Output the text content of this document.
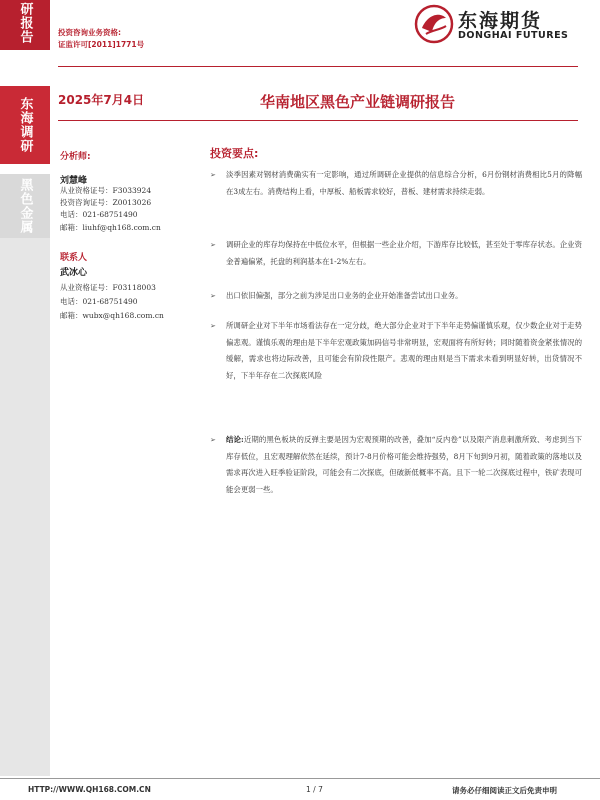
研报告
东海调研
黑色金属
投资咨询业务资格:
证监许可[2011]1771号
东海期货
DONGHAI FUTURES
2025年7月4日	华南地区黑色产业链调研报告
分析师:
刘慧峰
从业资格证号：F3033924
投资咨询证号：Z0013026
电话：021-68751490
邮箱：liuhf@qh168.com.cn
联系人
武冰心
从业资格证号：F03118003
电话：021-68751490
邮箱：wubx@qh168.com.cn
投资要点:
➢ 淡季因素对钢材消费确实有一定影响，通过所调研企业提供的信息综合分析，6月份钢材消费相比5月的降幅在3成左右。消费结构上看，中厚板、船板需求较好，普板、建材需求持续走弱。
➢ 调研企业的库存均保持在中低位水平，但根据一些企业介绍，下游库存比较低，甚至处于零库存状态。企业资金普遍偏紧，托盘的利润基本在1-2%左右。
➢ 出口依旧偏强，部分之前为涉足出口业务的企业开始准备尝试出口业务。
➢ 所调研企业对下半年市场看法存在一定分歧，绝大部分企业对于下半年走势偏谨慎乐观，仅少数企业对于走势偏悲观。谨慎乐观的理由是下半年宏观政策加码信号非常明显，宏观面将有所好转；同时随着资金紧张情况的缓解，需求也将边际改善，且可能会有阶段性限产。悲观的理由则是当下需求未看到明显好转，出货情况不好，下半年存在二次探底风险
➢ 结论:近期的黑色板块的反弹主要是因为宏观预期的改善，叠加“反内卷”以及限产消息刺激所致、考虑到当下库存低位，且宏观理解依然在延续，预计7-8月价格可能会维持强势，8月下旬到9月初，随着政策的落地以及需求再次进入旺季验证阶段，可能会有二次探底，但破新低概率不高。且下一轮二次探底过程中，铁矿表现可能会更弱一些。
HTTP://WWW.QH168.COM.CN	1 / 7	请务必仔细阅读正文后免责申明
